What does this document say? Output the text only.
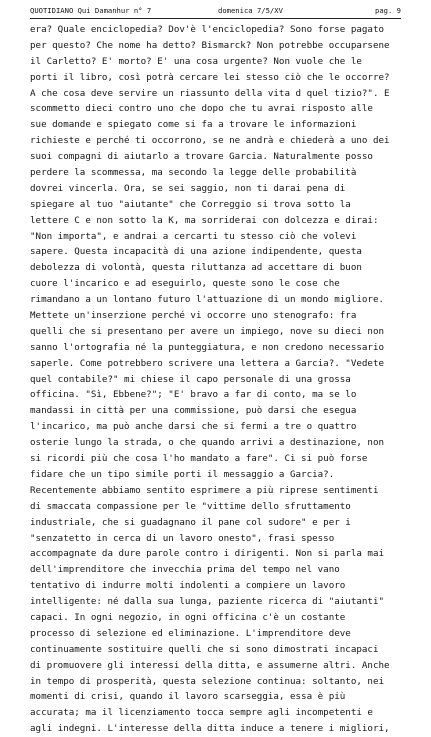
QUOTIDIANO Qui Damanhur n° 7	domenica 7/5/XV	pag. 9
era? Quale enciclopedia? Dov'è l'enciclopedia? Sono forse pagato
per questo? Che nome ha detto? Bismarck? Non potrebbe occuparsene
il Carletto? E' morto? E' una cosa urgente? Non vuole che le
porti il libro, così potrà cercare lei stesso ciò che le occorre?
A che cosa deve servire un riassunto della vita d quel tizio?". E
scommetto dieci contro uno che dopo che tu avrai risposto alle
sue domande e spiegato come si fa a trovare le informazioni
richieste e perché ti occorrono, se ne andrà e chiederà a uno dei
suoi compagni di aiutarlo a trovare Garcia. Naturalmente posso
perdere la scommessa, ma secondo la legge delle probabilità
dovrei vincerla. Ora, se sei saggio, non ti darai pena di
spiegare al tuo "aiutante" che Correggio si trova sotto la
lettere C e non sotto la K, ma sorriderai con dolcezza e dirai:
"Non importa", e andrai a cercarti tu stesso ciò che volevi
sapere. Questa incapacità di una azione indipendente, questa
debolezza di volontà, questa riluttanza ad accettare di buon
cuore l'incarico e ad eseguirlo, queste sono le cose che
rimandano a un lontano futuro l'attuazione di un mondo migliore.
Mettete un'inserzione perché vi occorre uno stenografo: fra
quelli che si presentano per avere un impiego, nove su dieci non
sanno l'ortografia né la punteggiatura, e non credono necessario
saperle. Come potrebbero scrivere una lettera a Garcia?. "Vedete
quel contabile?" mi chiese il capo personale di una grossa
officina. "Sì, Ebbene?"; "E' bravo a far di conto, ma se lo
mandassi in città per una commissione, può darsi che esegua
l'incarico, ma può anche darsi che si fermi a tre o quattro
osterie lungo la strada, o che quando arrivi a destinazione, non
si ricordi più che cosa l'ho mandato a fare". Ci si può forse
fidare che un tipo simile porti il messaggio a Garcia?.
Recentemente abbiamo sentito esprimere a più riprese sentimenti
di smaccata compassione per le "vittime dello sfruttamento
industriale, che si guadagnano il pane col sudore" e per i
"senzatetto in cerca di un lavoro onesto", frasi spesso
accompagnate da dure parole contro i dirigenti. Non si parla mai
dell'imprenditore che invecchia prima del tempo nel vano
tentativo di indurre molti indolenti a compiere un lavoro
intelligente: né dalla sua lunga, paziente ricerca di "aiutanti"
capaci. In ogni negozio, in ogni officina c'è un costante
processo di selezione ed eliminazione. L'imprenditore deve
continuamente sostituire quelli che si sono dimostrati incapaci
di promuovere gli interessi della ditta, e assumerne altri. Anche
in tempo di prosperità, questa selezione continua: soltanto, nei
momenti di crisi, quando il lavoro scarseggia, essa è più
accurata; ma il licenziamento tocca sempre agli incompetenti e
agli indegni. L'interesse della ditta induce a tenere i migliori,
